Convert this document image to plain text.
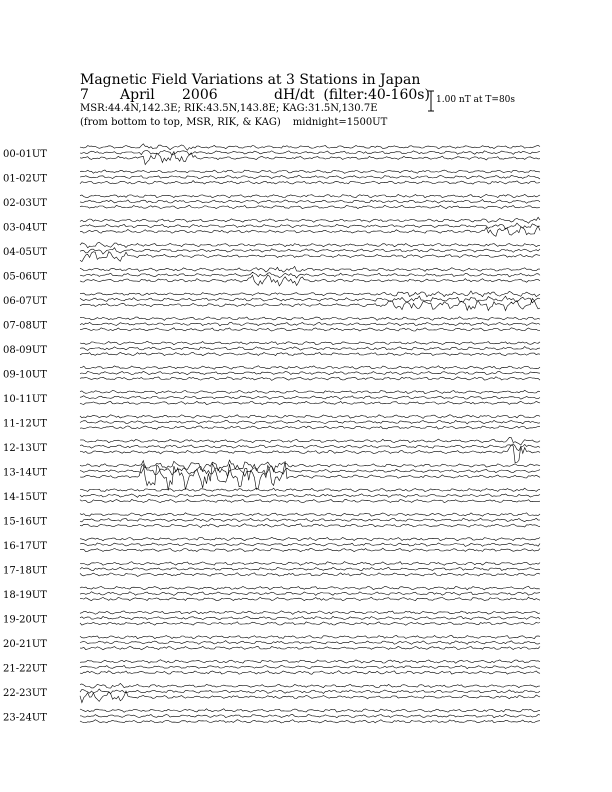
Magnetic Field Variations at 3 Stations in Japan
7 April 2006	dH/dt (filter:40-160s)
MSR:44.4N,142.3E; RIK:43.5N,143.8E; KAG:31.5N,130.7E
(from bottom to top, MSR, RIK, & KAG) midnight=1500UT
1.00 nT at T=80s
00-01UT
01-02UT
02-03UT
03-04UT
04-05UT
05-06UT
06-07UT
07-08UT
08-09UT
09-10UT
10-11UT
11-12UT
12-13UT
13-14UT
14-15UT
15-16UT
16-17UT
17-18UT
18-19UT
19-20UT
20-21UT
21-22UT
22-23UT
23-24UT
